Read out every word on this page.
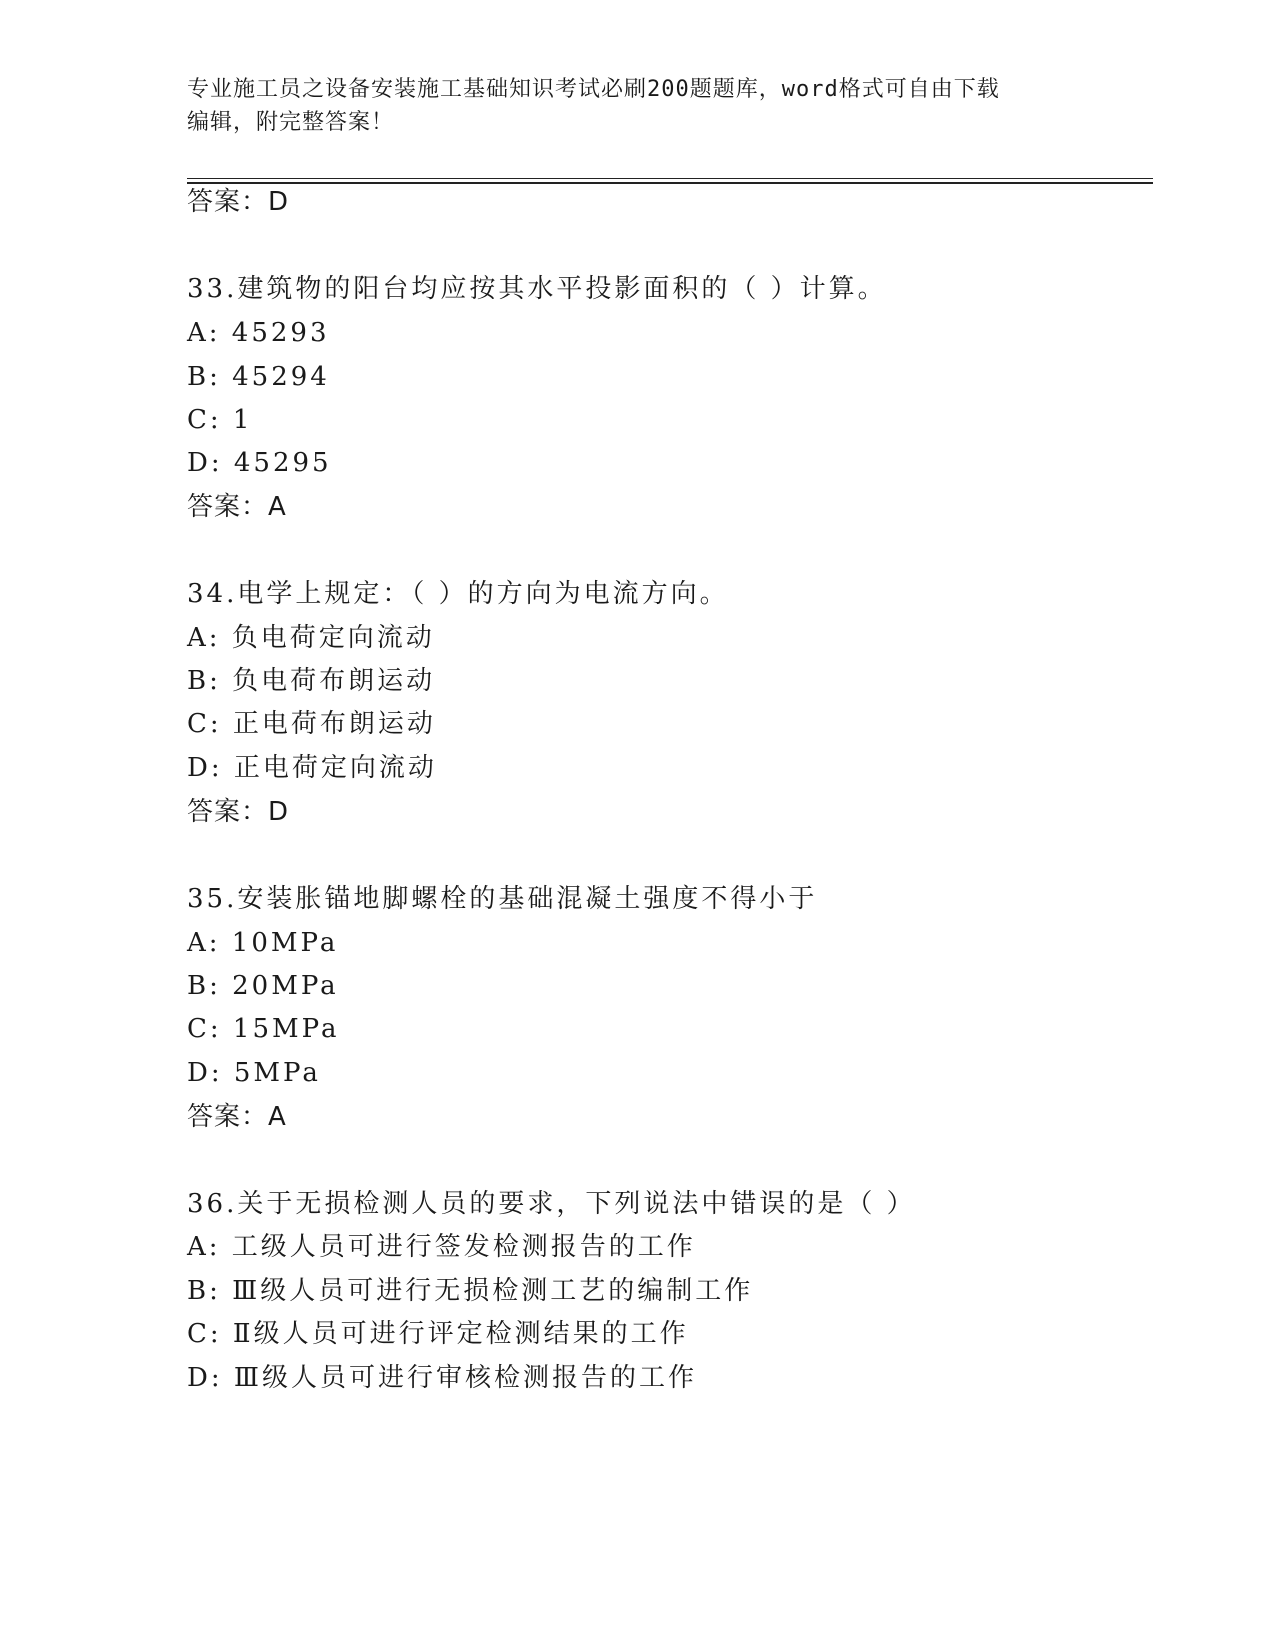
专业施工员之设备安装施工基础知识考试必刷200题题库，word格式可自由下载
编辑，附完整答案！
答案：D
33.建筑物的阳台均应按其水平投影面积的（ ）计算。
A: 45293
B: 45294
C: 1
D: 45295
答案：A
34.电学上规定：（ ）的方向为电流方向。
A: 负电荷定向流动
B: 负电荷布朗运动
C: 正电荷布朗运动
D: 正电荷定向流动
答案：D
35.安装胀锚地脚螺栓的基础混凝土强度不得小于
A: 10MPa
B: 20MPa
C: 15MPa
D: 5MPa
答案：A
36.关于无损检测人员的要求，下列说法中错误的是（ ）
A: 工级人员可进行签发检测报告的工作
B: Ⅲ级人员可进行无损检测工艺的编制工作
C: Ⅱ级人员可进行评定检测结果的工作
D: Ⅲ级人员可进行审核检测报告的工作
